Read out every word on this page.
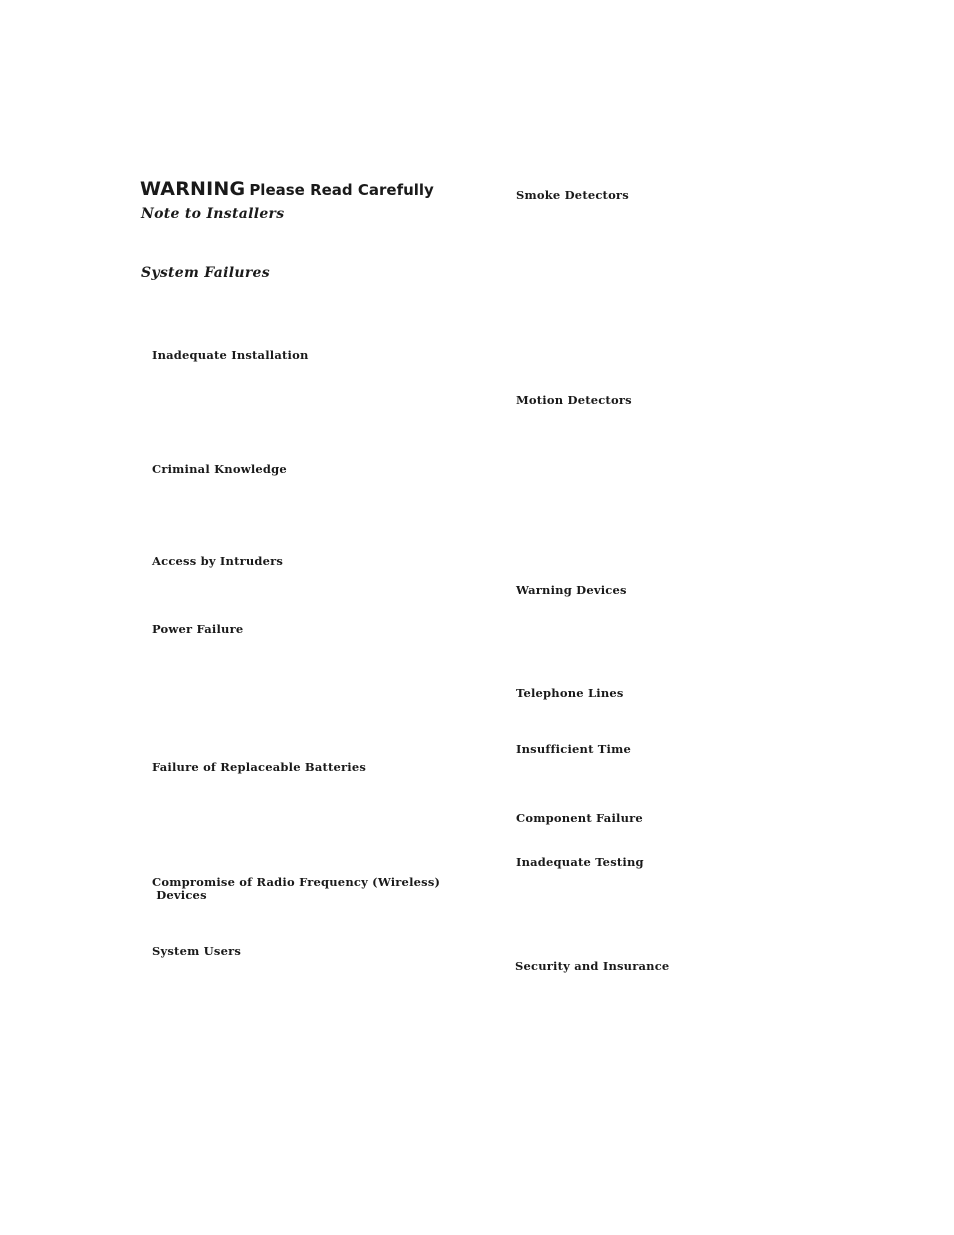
WARNING Please Read Carefully
Note to Installers
System Failures
Inadequate Installation
Criminal Knowledge
Access by Intruders
Power Failure
Failure of Replaceable Batteries
Compromise of Radio Frequency (Wireless)
Devices
System Users
Smoke Detectors
Motion Detectors
Warning Devices
Telephone Lines
Insufficient Time
Component Failure
Inadequate Testing
Security and Insurance
